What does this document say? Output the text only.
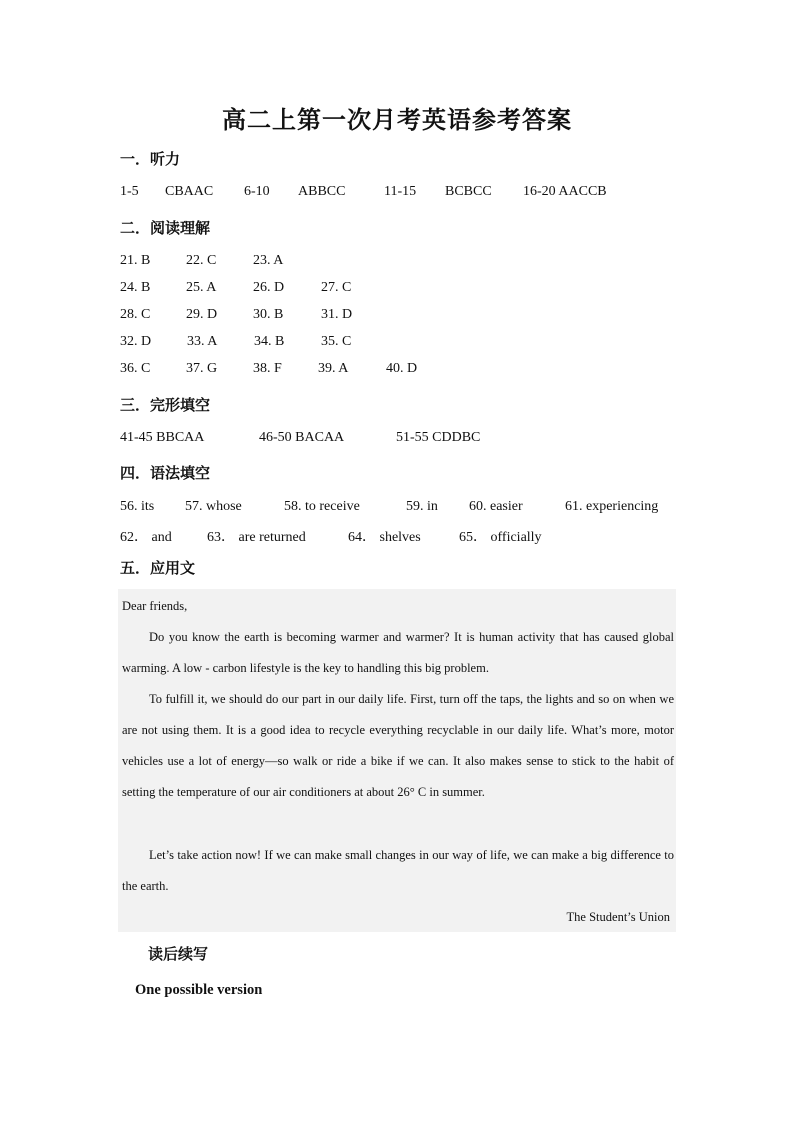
高二上第一次月考英语参考答案
一．听力
1-5 CBAAC 6-10 ABBCC	11-15 BCBCC 16-20 AACCB
二．阅读理解
21. B	22. C	23. A
24. B	25. A	26. D	27. C
28. C	29. D	30. B	31. D
32. D	33. A	34. B	35. C
36. C	37. G	38. F	39. A	40. D
三．完形填空
41-45 BBCAA	46-50 BACAA	51-55 CDDBC
四．语法填空
56. its 57. whose	58. to receive	59. in 60. easier	61. experiencing
62． and	63． are returned	64． shelves	65． officially
五．应用文

Dear friends,

Do you know the earth is becoming warmer and warmer? It is human activity that has caused global warming. A low - carbon lifestyle is the key to handling this big problem.

To fulfill it, we should do our part in our daily life. First, turn off the taps, the lights and so on when we are not using them. It is a good idea to recycle everything recyclable in our daily life. What’s more, motor vehicles use a lot of energy—so walk or ride a bike if we can. It also makes sense to stick to the habit of setting the temperature of our air conditioners at about 26° C in summer.

Let’s take action now! If we can make small changes in our way of life, we can make a big difference to the earth.

The Student’s Union

读后续写
One possible version
